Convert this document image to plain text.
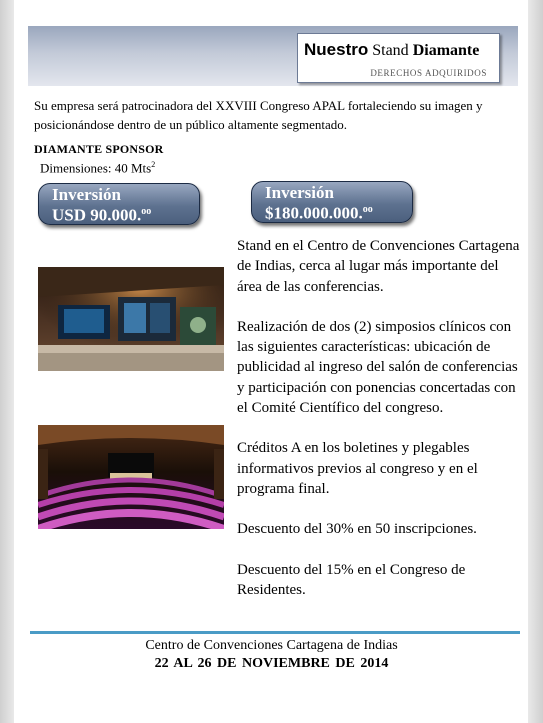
Nuestro Stand Diamante
DERECHOS ADQUIRIDOS
Su empresa será patrocinadora del XXVIII Congreso APAL fortaleciendo su imagen y posicionándose dentro de un público altamente segmentado.
DIAMANTE SPONSOR
Dimensiones: 40 Mts$^2$
Inversión
USD 90.000.$^{oo}$
Inversión
$180.000.000.$^{oo}$

Stand en el Centro de Convenciones Cartagena de Indias, cerca al lugar más importante del área de las conferencias.

Realización de dos (2) simposios clínicos con las siguientes características: ubicación de publicidad al ingreso del salón de conferencias y participación con ponencias concertadas con el Comité Científico del congreso.

Créditos A en los boletines y plegables informativos previos al congreso y en el programa final.

Descuento del 30% en 50 inscripciones.

Descuento del 15% en el Congreso de Residentes.

Centro de Convenciones Cartagena de Indias
22 AL 26 DE NOVIEMBRE DE 2014
